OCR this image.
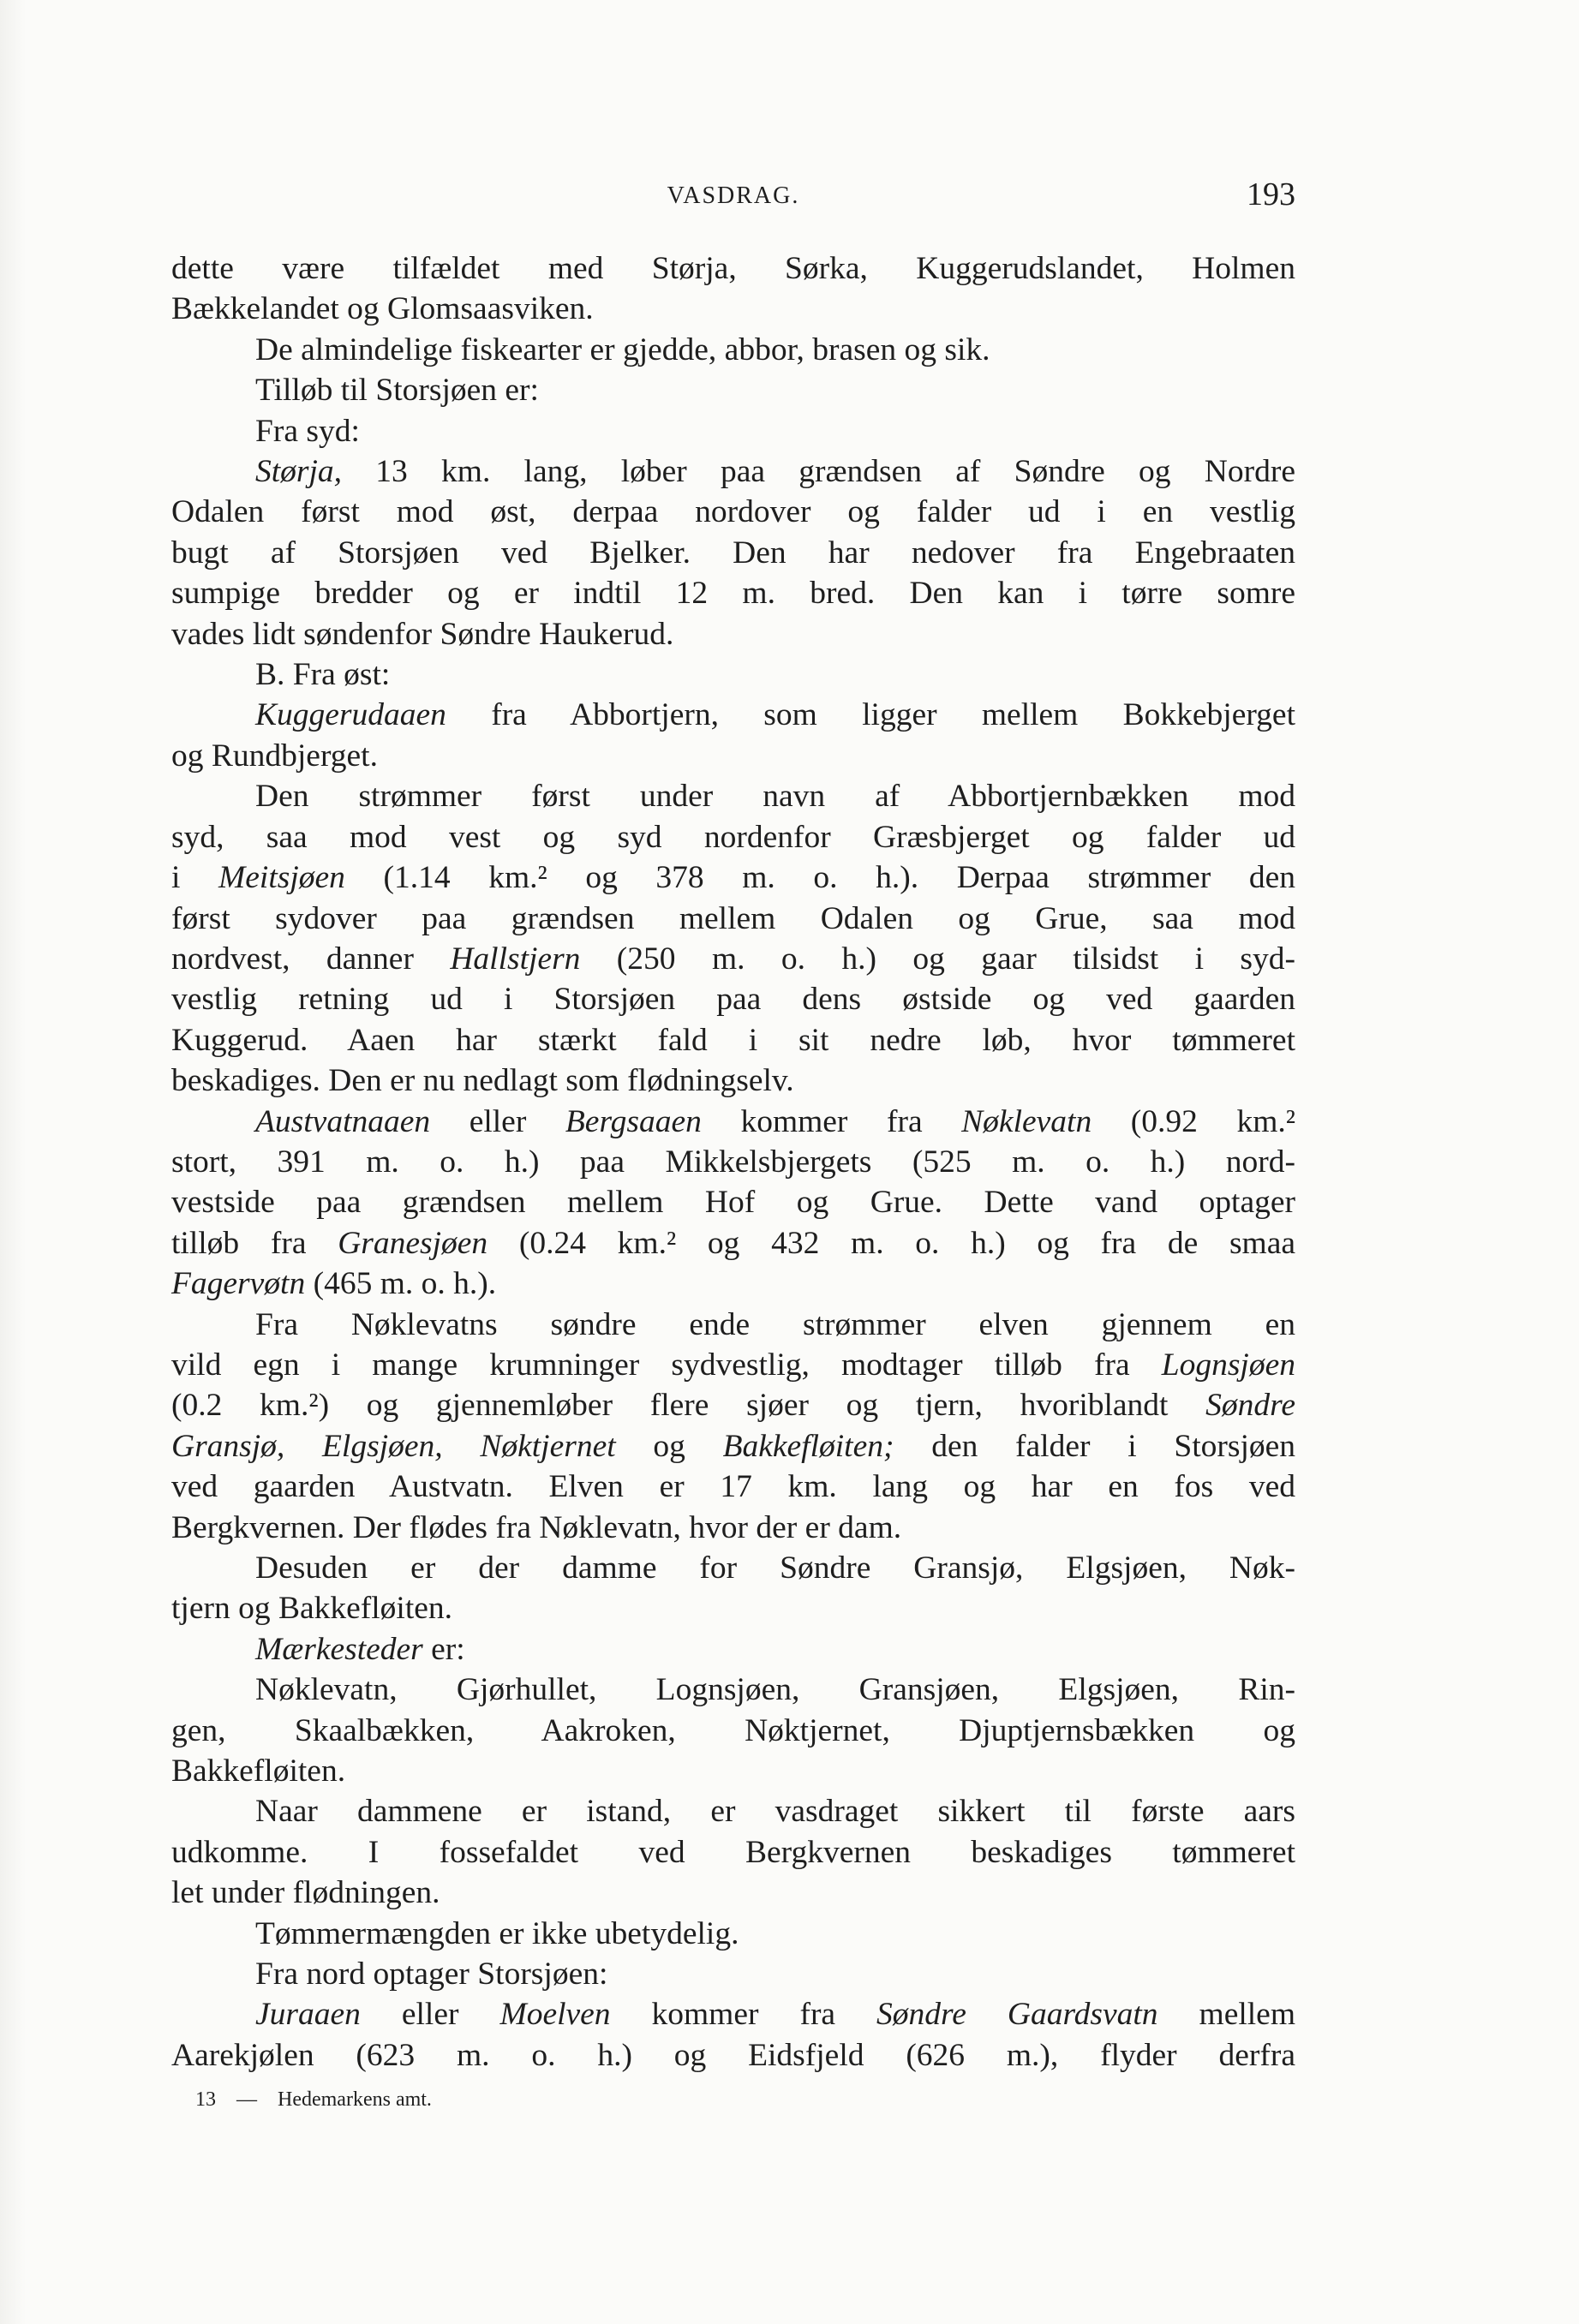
VASDRAG.	193
dette være tilfældet med Størja, Sørka, Kuggerudslandet, Holmen
Bækkelandet og Glomsaasviken.
De almindelige fiskearter er gjedde, abbor, brasen og sik.
Tilløb til Storsjøen er:
Fra syd:
Størja, 13 km. lang, løber paa grændsen af Søndre og Nordre
Odalen først mod øst, derpaa nordover og falder ud i en vestlig
bugt af Storsjøen ved Bjelker. Den har nedover fra Engebraaten
sumpige bredder og er indtil 12 m. bred. Den kan i tørre somre
vades lidt søndenfor Søndre Haukerud.
B. Fra øst:
Kuggerudaaen fra Abbortjern, som ligger mellem Bokkebjerget
og Rundbjerget.
Den strømmer først under navn af Abbortjernbækken mod
syd, saa mod vest og syd nordenfor Græsbjerget og falder ud
i Meitsjøen (1.14 km.² og 378 m. o. h.). Derpaa strømmer den
først sydover paa grændsen mellem Odalen og Grue, saa mod
nordvest, danner Hallstjern (250 m. o. h.) og gaar tilsidst i syd-
vestlig retning ud i Storsjøen paa dens østside og ved gaarden
Kuggerud. Aaen har stærkt fald i sit nedre løb, hvor tømmeret
beskadiges. Den er nu nedlagt som flødningselv.
Austvatnaaen eller Bergsaaen kommer fra Nøklevatn (0.92 km.²
stort, 391 m. o. h.) paa Mikkelsbjergets (525 m. o. h.) nord-
vestside paa grændsen mellem Hof og Grue. Dette vand optager
tilløb fra Granesjøen (0.24 km.² og 432 m. o. h.) og fra de smaa
Fagervøtn (465 m. o. h.).
Fra Nøklevatns søndre ende strømmer elven gjennem en
vild egn i mange krumninger sydvestlig, modtager tilløb fra Lognsjøen
(0.2 km.²) og gjennemløber flere sjøer og tjern, hvoriblandt Søndre
Gransjø, Elgsjøen, Nøktjernet og Bakkefløiten; den falder i Storsjøen
ved gaarden Austvatn. Elven er 17 km. lang og har en fos ved
Bergkvernen. Der flødes fra Nøklevatn, hvor der er dam.
Desuden er der damme for Søndre Gransjø, Elgsjøen, Nøk-
tjern og Bakkefløiten.
Mærkesteder er:
Nøklevatn, Gjørhullet, Lognsjøen, Gransjøen, Elgsjøen, Rin-
gen, Skaalbækken, Aakroken, Nøktjernet, Djuptjernsbækken og
Bakkefløiten.
Naar dammene er istand, er vasdraget sikkert til første aars
udkomme. I fossefaldet ved Bergkvernen beskadiges tømmeret
let under flødningen.
Tømmermængden er ikke ubetydelig.
Fra nord optager Storsjøen:
Juraaen eller Moelven kommer fra Søndre Gaardsvatn mellem
Aarekjølen (623 m. o. h.) og Eidsfjeld (626 m.), flyder derfra
13 — Hedemarkens amt.
